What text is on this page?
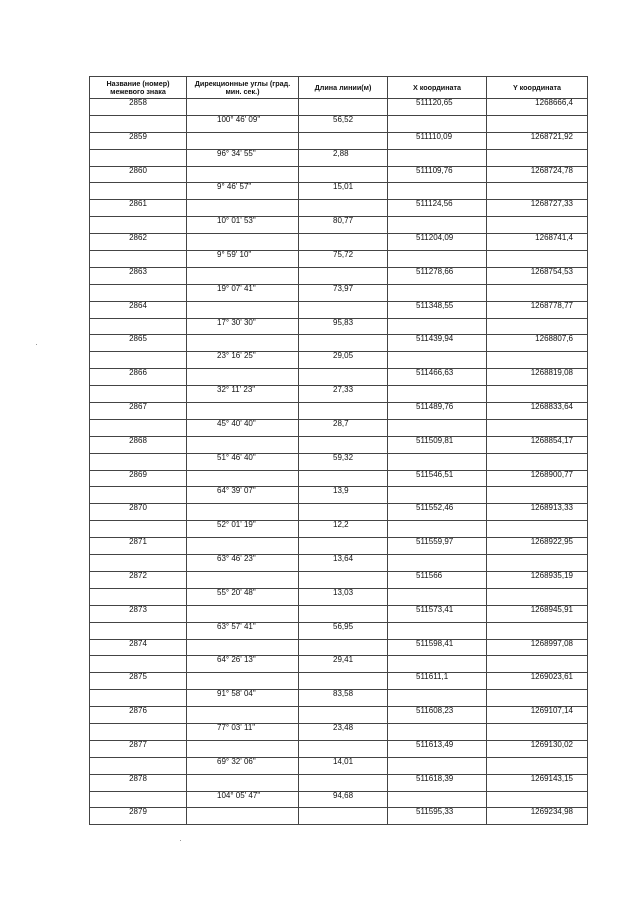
Название (номер) межевого знака	Дирекционные углы (град. мин. сек.)	Длина линии(м)	X координата	Y координата
2858			511120,65	1268666,4
	100° 46' 09"	56,52		
2859			511110,09	1268721,92
	96° 34' 55"	2,88		
2860			511109,76	1268724,78
	9° 46' 57"	15,01		
2861			511124,56	1268727,33
	10° 01' 53"	80,77		
2862			511204,09	1268741,4
	9° 59' 10"	75,72		
2863			511278,66	1268754,53
	19° 07' 41"	73,97		
2864			511348,55	1268778,77
	17° 30' 30"	95,83		
2865			511439,94	1268807,6
	23° 16' 25"	29,05		
2866			511466,63	1268819,08
	32° 11' 23"	27,33		
2867			511489,76	1268833,64
	45° 40' 40"	28,7		
2868			511509,81	1268854,17
	51° 46' 40"	59,32		
2869			511546,51	1268900,77
	64° 39' 07"	13,9		
2870			511552,46	1268913,33
	52° 01' 19"	12,2		
2871			511559,97	1268922,95
	63° 46' 23"	13,64		
2872			511566	1268935,19
	55° 20' 48"	13,03		
2873			511573,41	1268945,91
	63° 57' 41"	56,95		
2874			511598,41	1268997,08
	64° 26' 13"	29,41		
2875			511611,1	1269023,61
	91° 58' 04"	83,58		
2876			511608,23	1269107,14
	77° 03' 11"	23,48		
2877			511613,49	1269130,02
	69° 32' 06"	14,01		
2878			511618,39	1269143,15
	104° 05' 47"	94,68		
2879			511595,33	1269234,98
